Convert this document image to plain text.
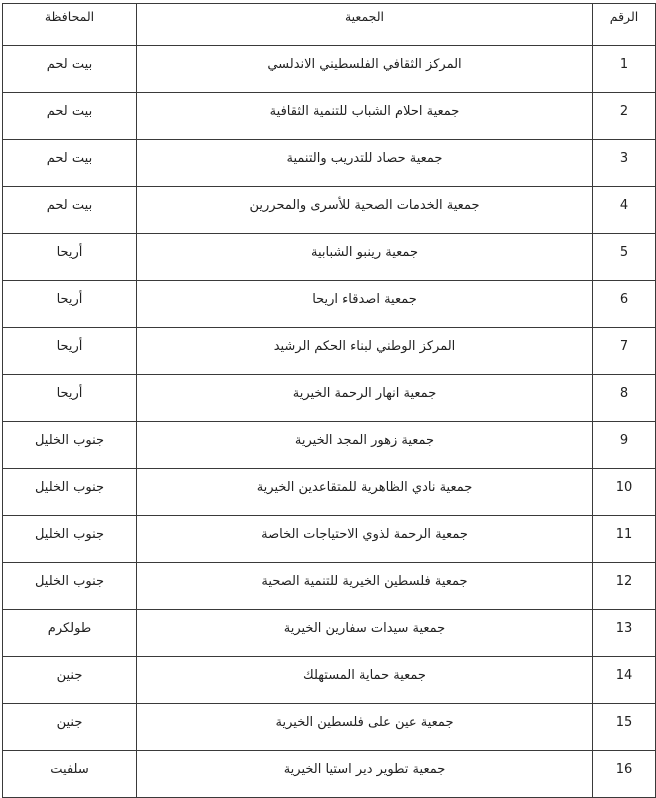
الرقم	الجمعية	المحافظة
1	المركز الثقافي الفلسطيني الاندلسي	بيت لحم
2	جمعية احلام الشباب للتنمية الثقافية	بيت لحم
3	جمعية حصاد للتدريب والتنمية	بيت لحم
4	جمعية الخدمات الصحية للأسرى والمحررين	بيت لحم
5	جمعية رينبو الشبابية	أريحا
6	جمعية اصدقاء اريحا	أريحا
7	المركز الوطني لبناء الحكم الرشيد	أريحا
8	جمعية انهار الرحمة الخيرية	أريحا
9	جمعية زهور المجد الخيرية	جنوب الخليل
10	جمعية نادي الظاهرية للمتقاعدين الخيرية	جنوب الخليل
11	جمعية الرحمة لذوي الاحتياجات الخاصة	جنوب الخليل
12	جمعية فلسطين الخيرية للتنمية الصحية	جنوب الخليل
13	جمعية سيدات سفارين الخيرية	طولكرم
14	جمعية حماية المستهلك	جنين
15	جمعية عين على فلسطين الخيرية	جنين
16	جمعية تطوير دير استيا الخيرية	سلفيت
